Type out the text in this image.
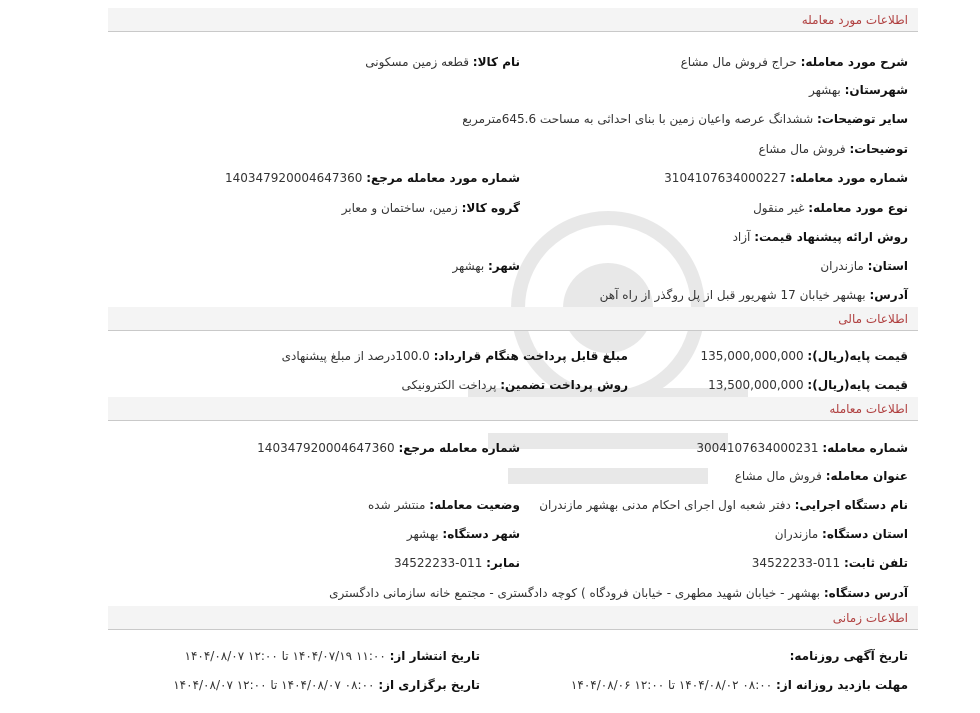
اطلاعات مورد معامله
شرح مورد معامله: حراج فروش مال مشاع
نام کالا: قطعه زمین مسکونی
شهرستان: بهشهر
سایر توضیحات: ششدانگ عرصه واعیان زمین با بنای احداثی به مساحت 645.6مترمربع
توضیحات: فروش مال مشاع
شماره مورد معامله: 3104107634000227
شماره مورد معامله مرجع: 140347920004647360
نوع مورد معامله: غیر منقول
گروه کالا: زمین، ساختمان و معابر
روش ارائه پیشنهاد قیمت: آزاد
استان: مازندران
شهر: بهشهر
آدرس: بهشهر خیابان 17 شهریور قبل از پل روگذر از راه آهن
اطلاعات مالی
قیمت پایه(ریال): 135,000,000,000
مبلغ قابل پرداخت هنگام قرارداد: 100.0درصد از مبلغ پیشنهادی
قیمت پایه(ریال): 13,500,000,000
روش پرداخت تضمین: پرداخت الکترونیکی
اطلاعات معامله
شماره معامله: 3004107634000231
شماره معامله مرجع: 140347920004647360
عنوان معامله: فروش مال مشاع
نام دستگاه اجرایی: دفتر شعبه اول اجرای احکام مدنی بهشهر مازندران
وضعیت معامله: منتشر شده
استان دستگاه: مازندران
شهر دستگاه: بهشهر
تلفن ثابت: 011-34522233
نمابر: 011-34522233
آدرس دستگاه: بهشهر - خیابان شهید مطهری - خیابان فرودگاه ) کوچه دادگستری - مجتمع خانه سازمانی دادگستری
اطلاعات زمانی
تاریخ آگهی روزنامه:
تاریخ انتشار از: ۱۱:۰۰ ۱۴۰۴/۰۷/۱۹ تا ۱۲:۰۰ ۱۴۰۴/۰۸/۰۷
مهلت بازدید روزانه از: ۰۸:۰۰ ۱۴۰۴/۰۸/۰۲ تا ۱۲:۰۰ ۱۴۰۴/۰۸/۰۶
تاریخ برگزاری از: ۰۸:۰۰ ۱۴۰۴/۰۸/۰۷ تا ۱۲:۰۰ ۱۴۰۴/۰۸/۰۷
